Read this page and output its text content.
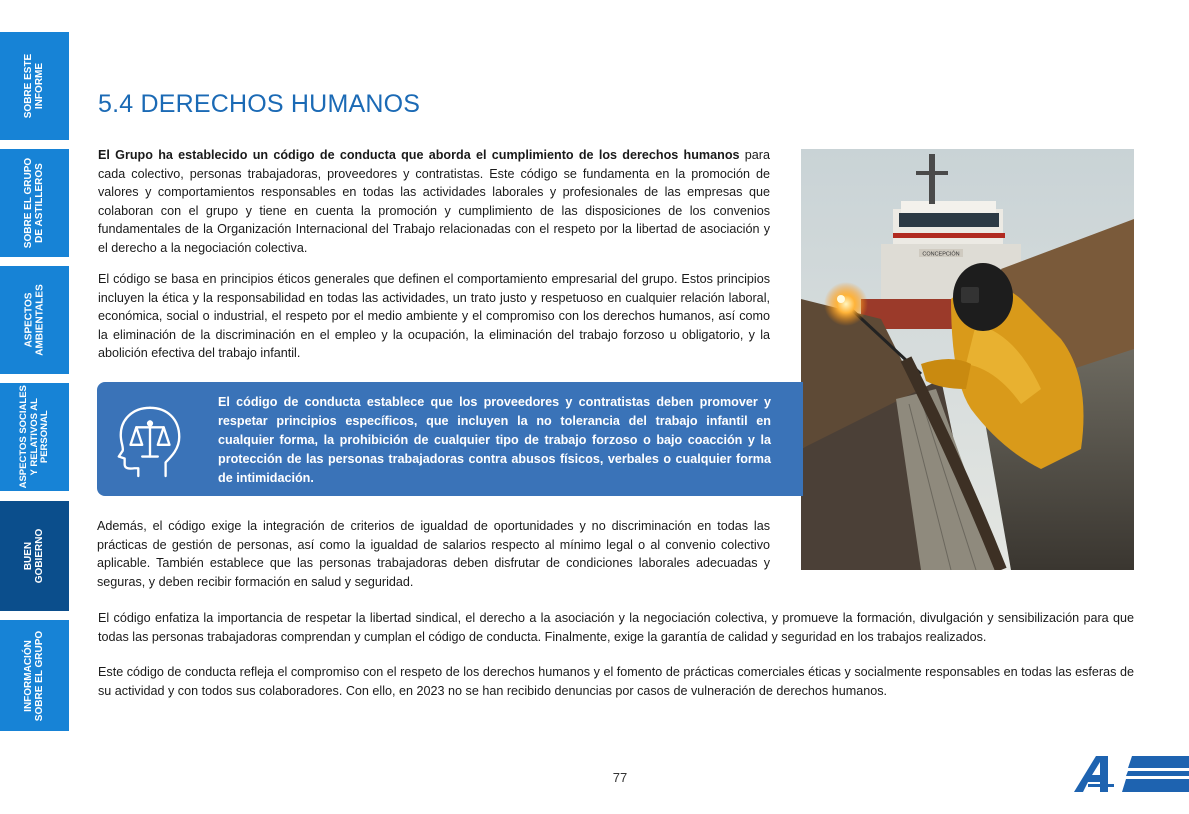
SOBRE ESTE
INFORME
SOBRE EL GRUPO
DE ASTILLEROS
ASPECTOS
AMBIENTALES
ASPECTOS SOCIALES
Y RELATIVOS AL
PERSONAL
BUEN
GOBIERNO
INFORMACIÓN
SOBRE EL GRUPO
5.4 DERECHOS HUMANOS

El Grupo ha establecido un código de conducta que aborda el cumplimiento de los derechos humanos para cada colectivo, personas trabajadoras, proveedores y contratistas. Este código se fundamenta en la promoción de valores y comportamientos responsables en todas las actividades laborales y profesionales de las empresas que colaboran con el grupo y tiene en cuenta la promoción y cumplimiento de las disposiciones de los convenios fundamentales de la Organización Internacional del Trabajo relacionadas con el respeto por la libertad de asociación y el derecho a la negociación colectiva.

El código se basa en principios éticos generales que definen el comportamiento empresarial del grupo. Estos principios incluyen la ética y la responsabilidad en todas las actividades, un trato justo y respetuoso en cualquier relación laboral, económica, social o industrial, el respeto por el medio ambiente y el compromiso con los derechos humanos, así como la eliminación de la discriminación en el empleo y la ocupación, la eliminación del trabajo forzoso u obligatorio, y la abolición efectiva del trabajo infantil.

CONCEPCIÓN

El código de conducta establece que los proveedores y contratistas deben promover y respetar principios específicos, que incluyen la no tolerancia del trabajo infantil en cualquier forma, la prohibición de cualquier tipo de trabajo forzoso o bajo coacción y la protección de las personas trabajadoras contra abusos físicos, verbales o cualquier forma de intimidación.

Además, el código exige la integración de criterios de igualdad de oportunidades y no discriminación en todas las prácticas de gestión de personas, así como la igualdad de salarios respecto al mínimo legal o al convenio colectivo aplicable. También establece que las personas trabajadoras deben disfrutar de condiciones laborales adecuadas y seguras, y deben recibir formación en salud y seguridad.

El código enfatiza la importancia de respetar la libertad sindical, el derecho a la asociación y la negociación colectiva, y promueve la formación, divulgación y sensibilización para que todas las personas trabajadoras comprendan y cumplan el código de conducta. Finalmente, exige la garantía de calidad y seguridad en los trabajos realizados.

Este código de conducta refleja el compromiso con el respeto de los derechos humanos y el fomento de prácticas comerciales éticas y socialmente responsables en todas las esferas de su actividad y con todos sus colaboradores. Con ello, en 2023 no se han recibido denuncias por casos de vulneración de derechos humanos.

77
